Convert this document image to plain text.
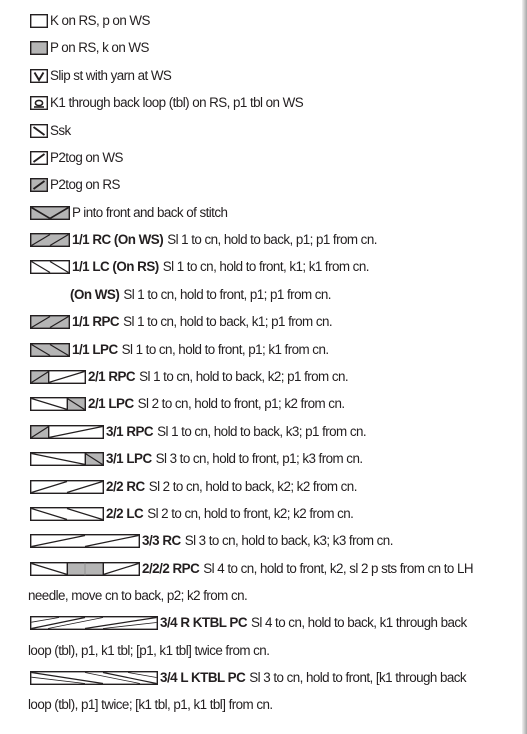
K on RS, p on WS
P on RS, k on WS
Slip st with yarn at WS
K1 through back loop (tbl) on RS, p1 tbl on WS
Ssk
P2tog on WS
P2tog on RS
P into front and back of stitch
1/1 RC (On WS) Sl 1 to cn, hold to back, p1; p1 from cn.
1/1 LC (On RS) Sl 1 to cn, hold to front, k1; k1 from cn.
(On WS) Sl 1 to cn, hold to front, p1; p1 from cn.
1/1 RPC Sl 1 to cn, hold to back, k1; p1 from cn.
1/1 LPC Sl 1 to cn, hold to front, p1; k1 from cn.
2/1 RPC Sl 1 to cn, hold to back, k2; p1 from cn.
2/1 LPC Sl 2 to cn, hold to front, p1; k2 from cn.
3/1 RPC Sl 1 to cn, hold to back, k3; p1 from cn.
3/1 LPC Sl 3 to cn, hold to front, p1; k3 from cn.
2/2 RC Sl 2 to cn, hold to back, k2; k2 from cn.
2/2 LC Sl 2 to cn, hold to front, k2; k2 from cn.
3/3 RC Sl 3 to cn, hold to back, k3; k3 from cn.
2/2/2 RPC Sl 4 to cn, hold to front, k2, sl 2 p sts from cn to LH
needle, move cn to back, p2; k2 from cn.
3/4 R KTBL PC Sl 4 to cn, hold to back, k1 through back
loop (tbl), p1, k1 tbl; [p1, k1 tbl] twice from cn.
3/4 L KTBL PC Sl 3 to cn, hold to front, [k1 through back
loop (tbl), p1] twice; [k1 tbl, p1, k1 tbl] from cn.
